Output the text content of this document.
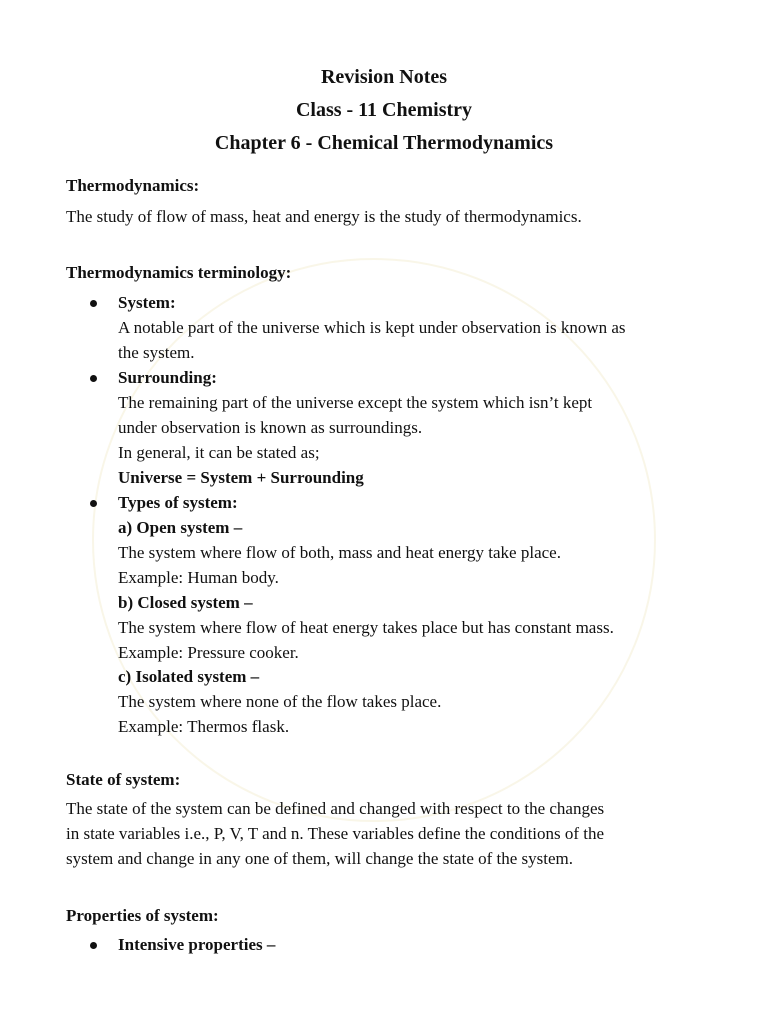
Revision Notes
Class - 11 Chemistry
Chapter 6 - Chemical Thermodynamics
Thermodynamics:
The study of flow of mass, heat and energy is the study of thermodynamics.
Thermodynamics terminology:
System:
A notable part of the universe which is kept under observation is known as
the system.
Surrounding:
The remaining part of the universe except the system which isn’t kept
under observation is known as surroundings.
In general, it can be stated as;
Universe = System + Surrounding
Types of system:
a) Open system –
The system where flow of both, mass and heat energy take place.
Example: Human body.
b) Closed system –
The system where flow of heat energy takes place but has constant mass.
Example: Pressure cooker.
c) Isolated system –
The system where none of the flow takes place.
Example: Thermos flask.
State of system:
The state of the system can be defined and changed with respect to the changes
in state variables i.e., P, V, T and n. These variables define the conditions of the
system and change in any one of them, will change the state of the system.
Properties of system:
Intensive properties –
